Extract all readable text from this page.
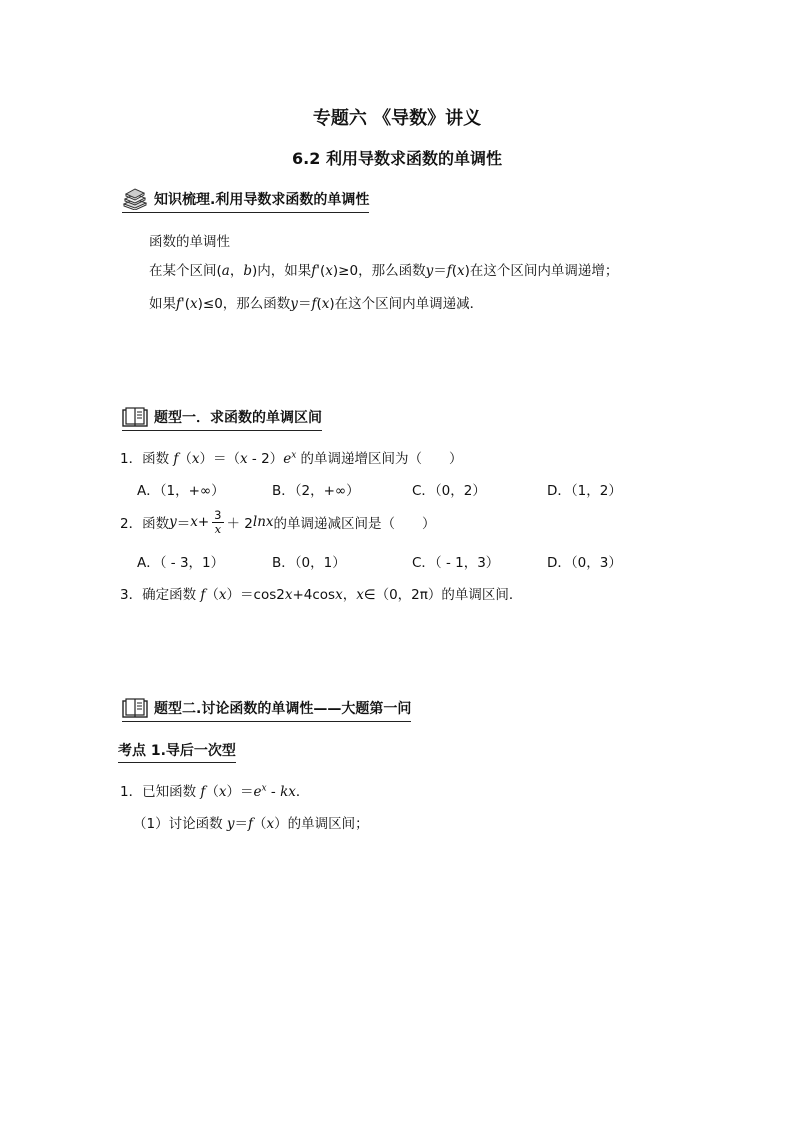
专题六 《导数》讲义
6.2 利用导数求函数的单调性
知识梳理.利用导数求函数的单调性
函数的单调性
在某个区间(a，b)内，如果f'(x)≥0，那么函数y＝f(x)在这个区间内单调递增；
如果f'(x)≤0，那么函数y＝f(x)在这个区间内单调递减．
题型一．求函数的单调区间
1．函数 $f(x)=(x - 2)e^x$ 的单调递增区间为（　　）
A．（1，+∞）	B．（2，+∞）	C．（0，2）	D．（1，2）
2．函数 $y = x + \frac{3}{x} + 2$ lnx 的单调递减区间是（　　）
A．（ - 3，1）	B．（0，1）	C．（ - 1，3）	D．（0，3）
3．确定函数 f（x）＝cos2x+4cosx，x∈（0，2π）的单调区间．
题型二.讨论函数的单调性——大题第一问
考点 1.导后一次型
1．已知函数 $f(x)=e^x$ - kx．
（1）讨论函数 y＝f（x）的单调区间；
